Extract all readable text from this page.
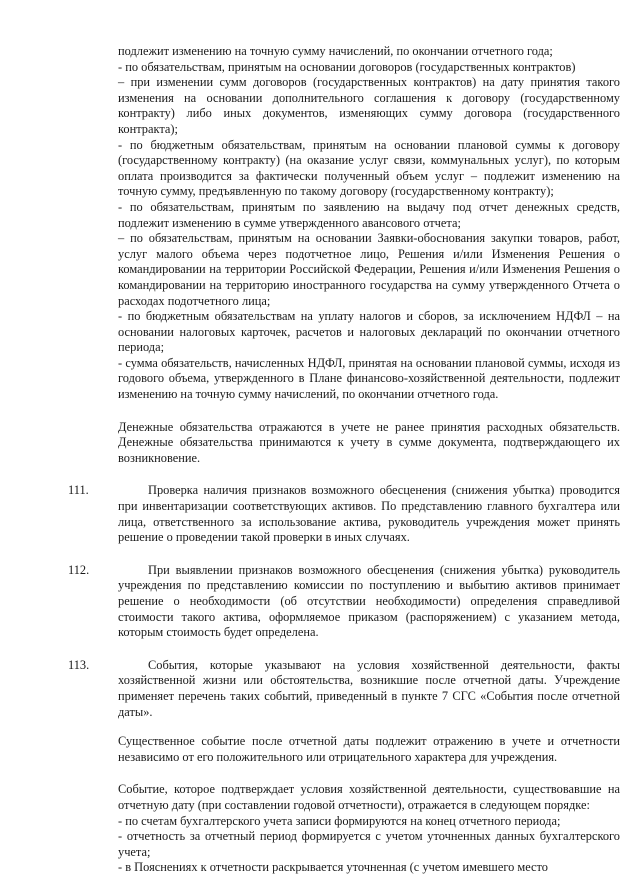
подлежит изменению на точную сумму начислений, по окончании отчетного года;

- по обязательствам, принятым на основании договоров (государственных контрактов)

– при изменении сумм договоров (государственных контрактов) на дату принятия такого изменения на основании дополнительного соглашения к договору (государственному контракту) либо иных документов, изменяющих сумму договора (государственного контракта);

- по бюджетным обязательствам, принятым на основании плановой суммы к договору (государственному контракту) (на оказание услуг связи, коммунальных услуг), по которым оплата производится за фактически полученный объем услуг – подлежит изменению на точную сумму, предъявленную по такому договору (государственному контракту);

- по обязательствам, принятым по заявлению на выдачу под отчет денежных средств, подлежит изменению в сумме утвержденного авансового отчета;

– по обязательствам, принятым на основании Заявки-обоснования закупки товаров, работ, услуг малого объема через подотчетное лицо, Решения и/или Изменения Решения о командировании на территории Российской Федерации, Решения и/или Изменения Решения о командировании на территорию иностранного государства на сумму утвержденного Отчета о расходах подотчетного лица;

- по бюджетным обязательствам на уплату налогов и сборов, за исключением НДФЛ – на основании налоговых карточек, расчетов и налоговых деклараций по окончании отчетного периода;

- сумма обязательств, начисленных НДФЛ, принятая на основании плановой суммы, исходя из годового объема, утвержденного в Плане финансово-хозяйственной деятельности, подлежит изменению на точную сумму начислений, по окончании отчетного года.

Денежные обязательства отражаются в учете не ранее принятия расходных обязательств. Денежные обязательства принимаются к учету в сумме документа, подтверждающего их возникновение.

111.	Проверка наличия признаков возможного обесценения (снижения убытка) проводится при инвентаризации соответствующих активов. По представлению главного бухгалтера или лица, ответственного за использование актива, руководитель учреждения может принять решение о проведении такой проверки в иных случаях.
112.	При выявлении признаков возможного обесценения (снижения убытка) руководитель учреждения по представлению комиссии по поступлению и выбытию активов принимает решение о необходимости (об отсутствии необходимости) определения справедливой стоимости такого актива, оформляемое приказом (распоряжением) с указанием метода, которым стоимость будет определена.
113.	События, которые указывают на условия хозяйственной деятельности, факты хозяйственной жизни или обстоятельства, возникшие после отчетной даты. Учреждение применяет перечень таких событий, приведенный в пункте 7 СГС «События после отчетной даты».

Существенное событие после отчетной даты подлежит отражению в учете и отчетности независимо от его положительного или отрицательного характера для учреждения.

Событие, которое подтверждает условия хозяйственной деятельности, существовавшие на отчетную дату (при составлении годовой отчетности), отражается в следующем порядке:

- по счетам бухгалтерского учета записи формируются на конец отчетного периода;

- отчетность за отчетный период формируется с учетом уточненных данных бухгалтерского учета;

- в Пояснениях к отчетности раскрывается уточненная (с учетом имевшего место
